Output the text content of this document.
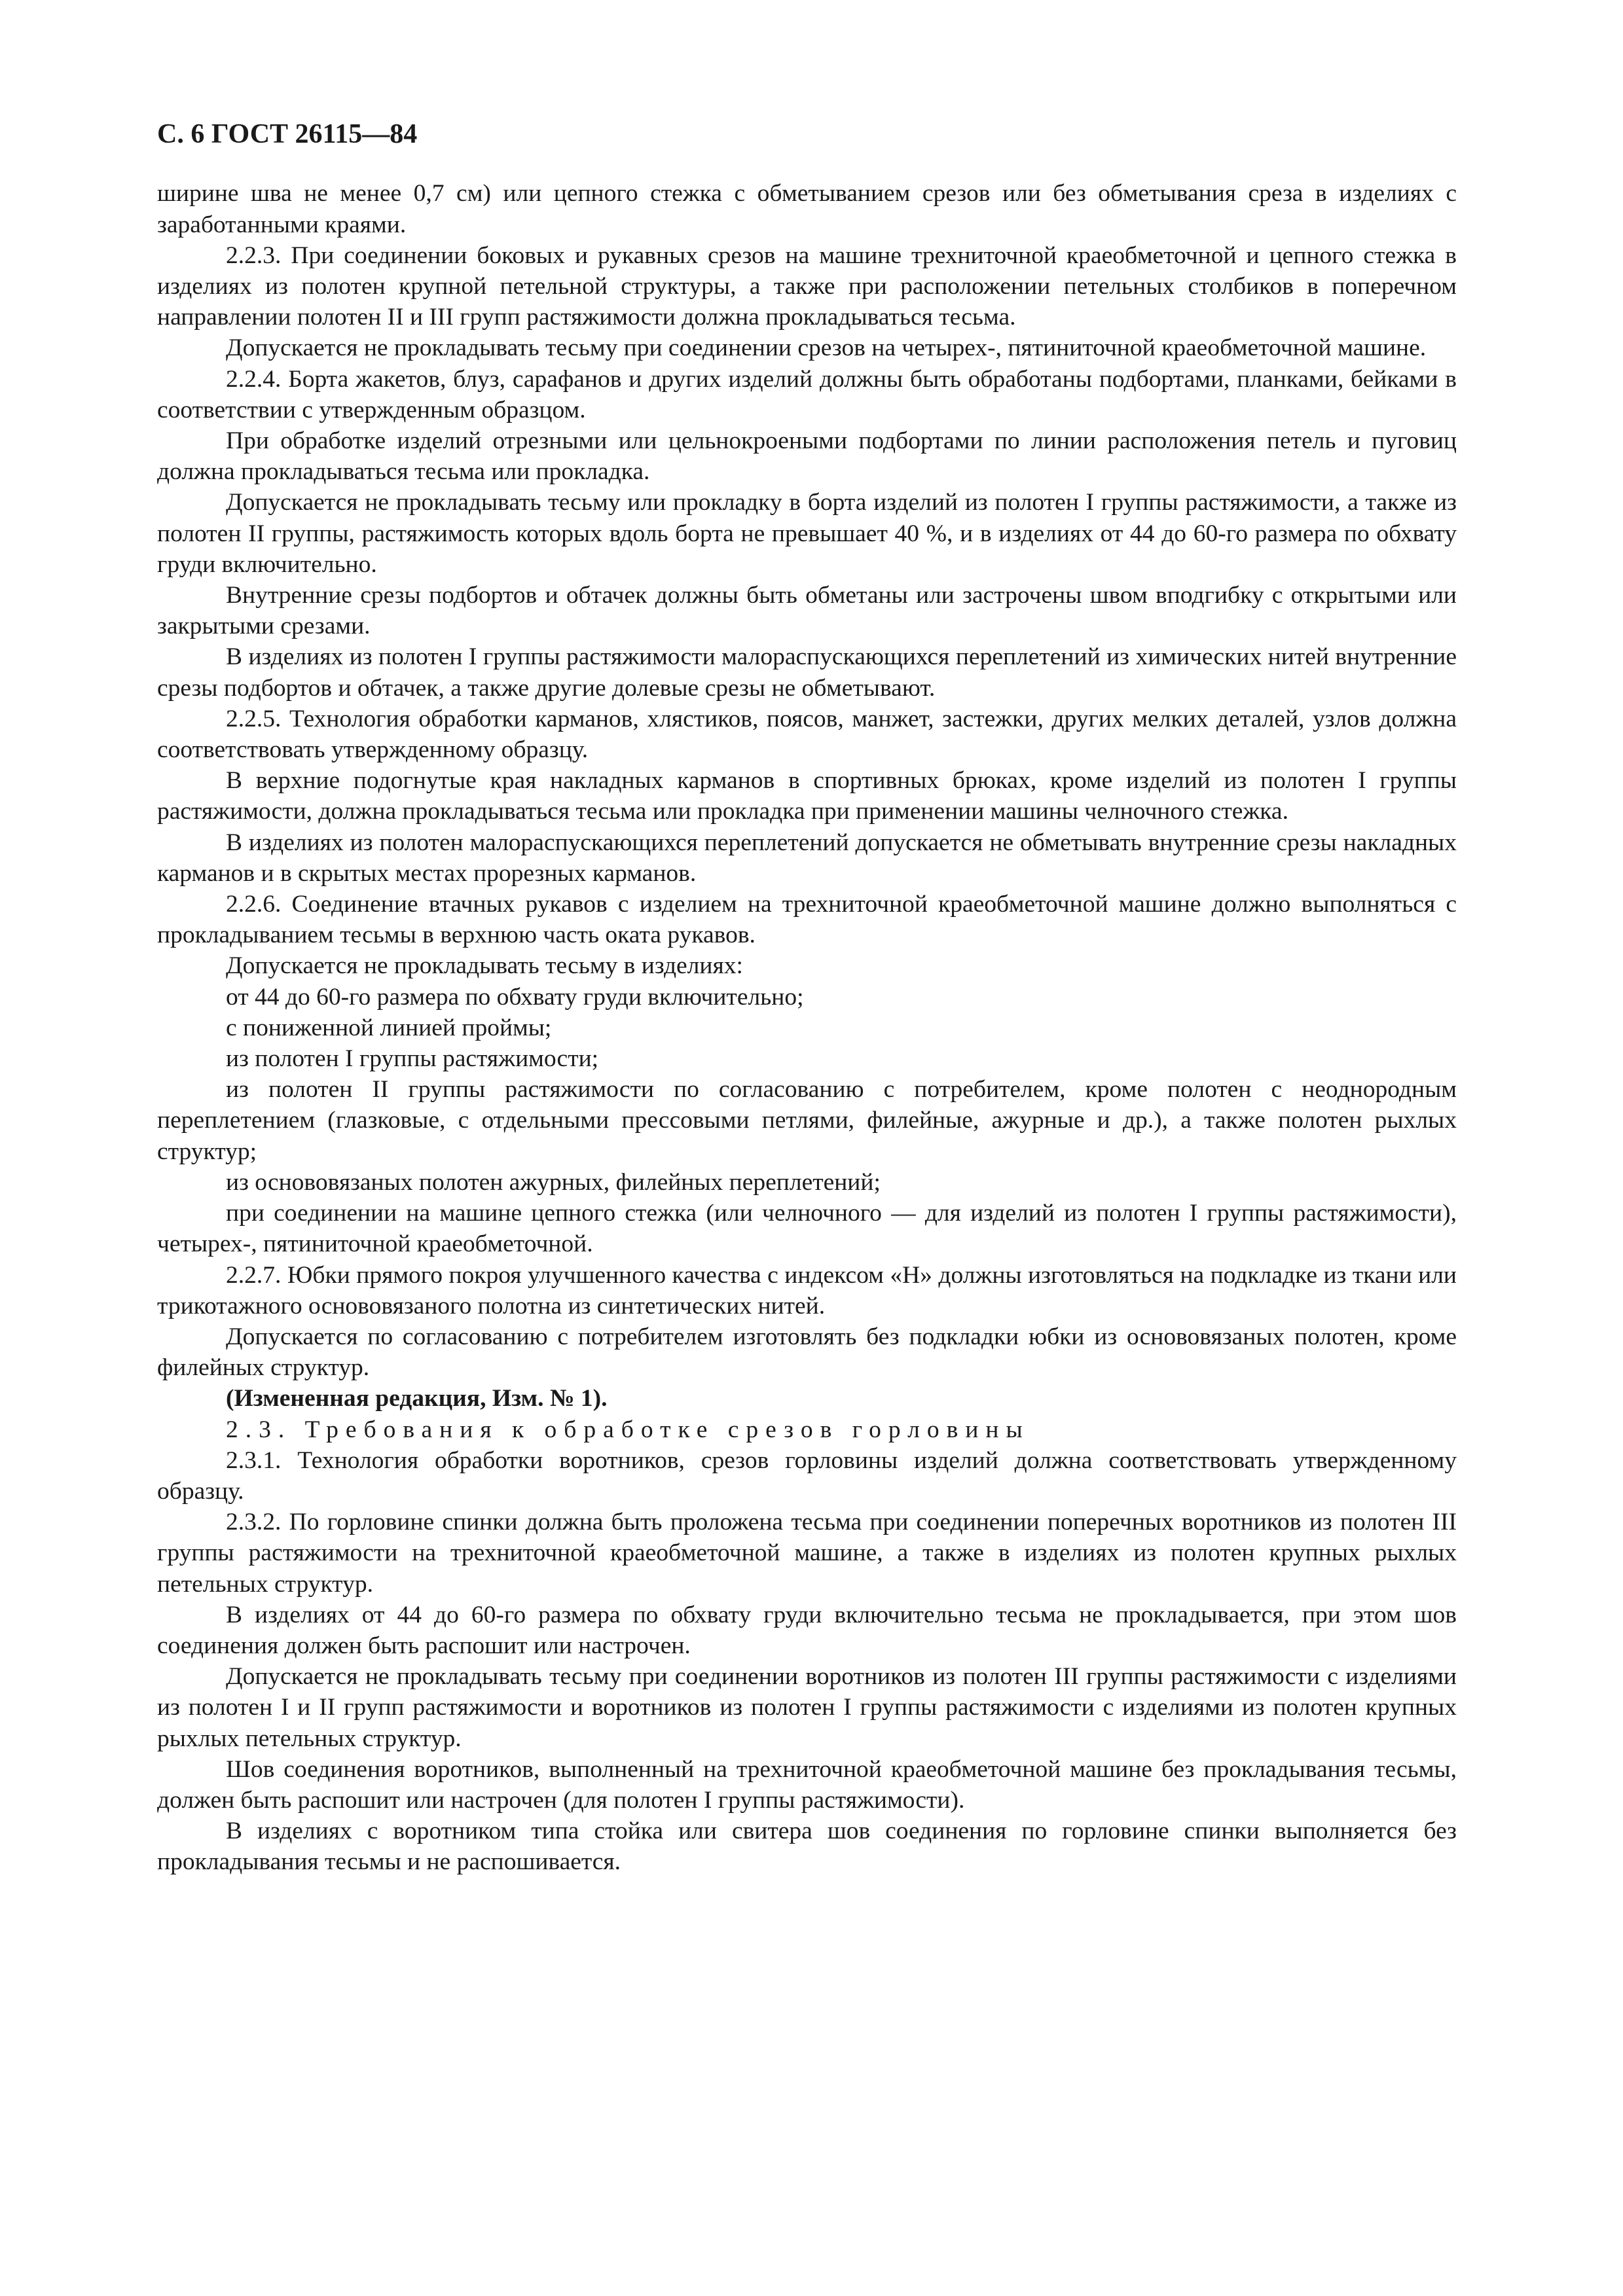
С. 6 ГОСТ 26115—84

ширине шва не менее 0,7 см) или цепного стежка с обметыванием срезов или без обметывания среза в изделиях с заработанными краями.

2.2.3. При соединении боковых и рукавных срезов на машине трехниточной краеобметочной и цепного стежка в изделиях из полотен крупной петельной структуры, а также при расположении петельных столбиков в поперечном направлении полотен II и III групп растяжимости должна прокладываться тесьма.

Допускается не прокладывать тесьму при соединении срезов на четырех-, пятиниточной краеобметочной машине.

2.2.4. Борта жакетов, блуз, сарафанов и других изделий должны быть обработаны подбортами, планками, бейками в соответствии с утвержденным образцом.

При обработке изделий отрезными или цельнокроеными подбортами по линии расположения петель и пуговиц должна прокладываться тесьма или прокладка.

Допускается не прокладывать тесьму или прокладку в борта изделий из полотен I группы растяжимости, а также из полотен II группы, растяжимость которых вдоль борта не превышает 40 %, и в изделиях от 44 до 60-го размера по обхвату груди включительно.

Внутренние срезы подбортов и обтачек должны быть обметаны или застрочены швом вподгибку с открытыми или закрытыми срезами.

В изделиях из полотен I группы растяжимости малораспускающихся переплетений из химических нитей внутренние срезы подбортов и обтачек, а также другие долевые срезы не обметывают.

2.2.5. Технология обработки карманов, хлястиков, поясов, манжет, застежки, других мелких деталей, узлов должна соответствовать утвержденному образцу.

В верхние подогнутые края накладных карманов в спортивных брюках, кроме изделий из полотен I группы растяжимости, должна прокладываться тесьма или прокладка при применении машины челночного стежка.

В изделиях из полотен малораспускающихся переплетений допускается не обметывать внутренние срезы накладных карманов и в скрытых местах прорезных карманов.

2.2.6. Соединение втачных рукавов с изделием на трехниточной краеобметочной машине должно выполняться с прокладыванием тесьмы в верхнюю часть оката рукавов.

Допускается не прокладывать тесьму в изделиях:

от 44 до 60-го размера по обхвату груди включительно;

с пониженной линией проймы;

из полотен I группы растяжимости;

из полотен II группы растяжимости по согласованию с потребителем, кроме полотен с неоднородным переплетением (глазковые, с отдельными прессовыми петлями, филейные, ажурные и др.), а также полотен рыхлых структур;

из основовязаных полотен ажурных, филейных переплетений;

при соединении на машине цепного стежка (или челночного — для изделий из полотен I группы растяжимости), четырех-, пятиниточной краеобметочной.

2.2.7. Юбки прямого покроя улучшенного качества с индексом «Н» должны изготовляться на подкладке из ткани или трикотажного основовязаного полотна из синтетических нитей.

Допускается по согласованию с потребителем изготовлять без подкладки юбки из основовязаных полотен, кроме филейных структур.

(Измененная редакция, Изм. № 1).

2.3. Требования к обработке срезов горловины

2.3.1. Технология обработки воротников, срезов горловины изделий должна соответствовать утвержденному образцу.

2.3.2. По горловине спинки должна быть проложена тесьма при соединении поперечных воротников из полотен III группы растяжимости на трехниточной краеобметочной машине, а также в изделиях из полотен крупных рыхлых петельных структур.

В изделиях от 44 до 60-го размера по обхвату груди включительно тесьма не прокладывается, при этом шов соединения должен быть распошит или настрочен.

Допускается не прокладывать тесьму при соединении воротников из полотен III группы растяжимости с изделиями из полотен I и II групп растяжимости и воротников из полотен I группы растяжимости с изделиями из полотен крупных рыхлых петельных структур.

Шов соединения воротников, выполненный на трехниточной краеобметочной машине без прокладывания тесьмы, должен быть распошит или настрочен (для полотен I группы растяжимости).

В изделиях с воротником типа стойка или свитера шов соединения по горловине спинки выполняется без прокладывания тесьмы и не распошивается.
